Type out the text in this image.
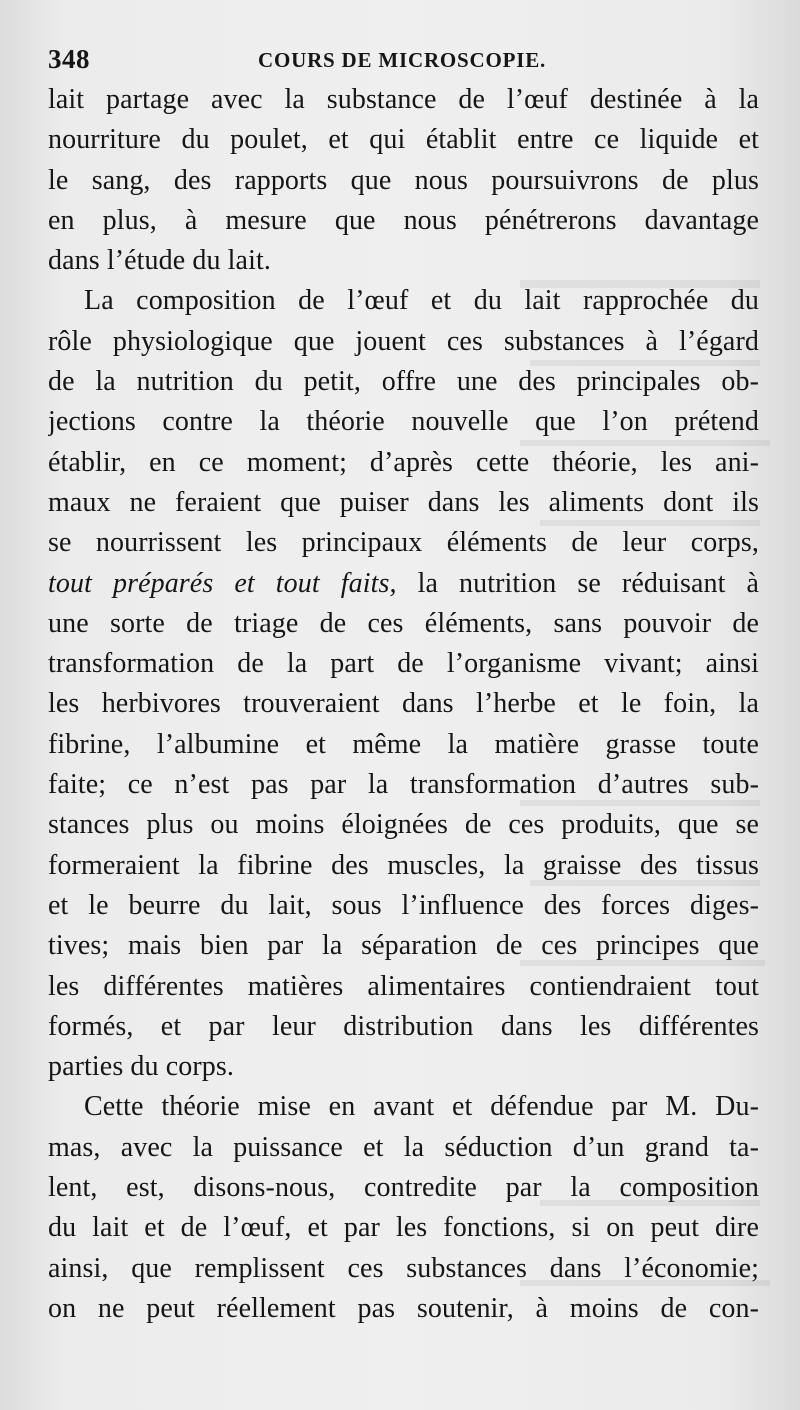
348	COURS DE MICROSCOPIE.
lait partage avec la substance de l’œuf destinée à la
nourriture du poulet, et qui établit entre ce liquide et
le sang, des rapports que nous poursuivrons de plus
en plus, à mesure que nous pénétrerons davantage
dans l’étude du lait.
La composition de l’œuf et du lait rapprochée du
rôle physiologique que jouent ces substances à l’égard
de la nutrition du petit, offre une des principales ob-
jections contre la théorie nouvelle que l’on prétend
établir, en ce moment; d’après cette théorie, les ani-
maux ne feraient que puiser dans les aliments dont ils
se nourrissent les principaux éléments de leur corps,
tout préparés et tout faits, la nutrition se réduisant à
une sorte de triage de ces éléments, sans pouvoir de
transformation de la part de l’organisme vivant; ainsi
les herbivores trouveraient dans l’herbe et le foin, la
fibrine, l’albumine et même la matière grasse toute
faite; ce n’est pas par la transformation d’autres sub-
stances plus ou moins éloignées de ces produits, que se
formeraient la fibrine des muscles, la graisse des tissus
et le beurre du lait, sous l’influence des forces diges-
tives; mais bien par la séparation de ces principes que
les différentes matières alimentaires contiendraient tout
formés, et par leur distribution dans les différentes
parties du corps.
Cette théorie mise en avant et défendue par M. Du-
mas, avec la puissance et la séduction d’un grand ta-
lent, est, disons-nous, contredite par la composition
du lait et de l’œuf, et par les fonctions, si on peut dire
ainsi, que remplissent ces substances dans l’économie;
on ne peut réellement pas soutenir, à moins de con-
